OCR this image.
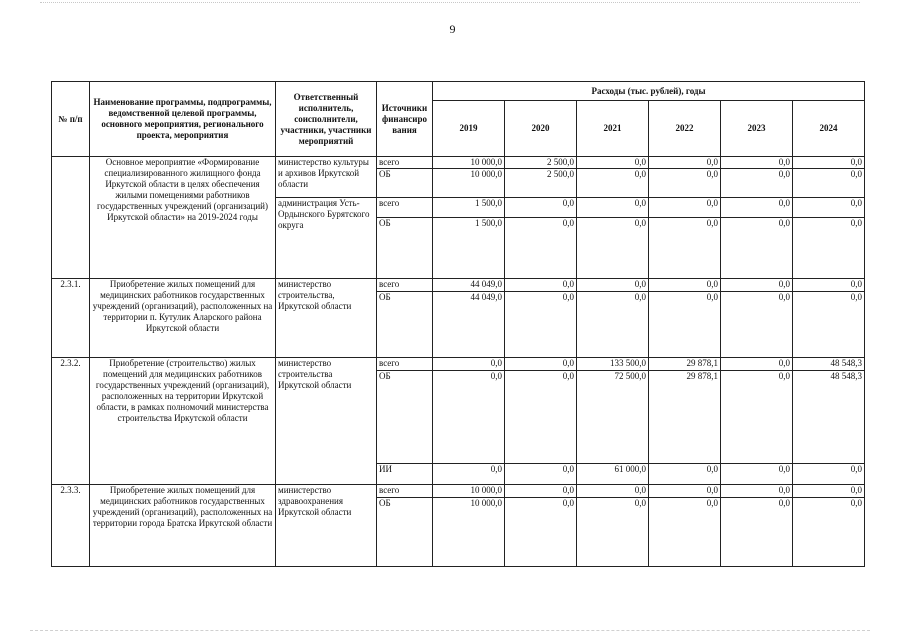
9
№ п/п	Наименование программы, подпрограммы, ведомственной целевой программы, основного мероприятия, регионального проекта, мероприятия	Ответственный исполнитель, соисполнители, участники, участники мероприятий	Источники финансиро вания	Расходы (тыс. рублей), годы					
				2019	2020	2021	2022	2023	2024
	Основное мероприятие «Формирование специализированного жилищного фонда Иркутской области в целях обеспечения жилыми помещениями работников государственных учреждений (организаций) Иркутской области» на 2019-2024 годы	министерство культуры и архивов Иркутской области	всего	10 000,0	2 500,0	0,0	0,0	0,0	0,0
			ОБ	10 000,0	2 500,0	0,0	0,0	0,0	0,0
		администрация Усть-Ордынского Бурятского округа	всего	1 500,0	0,0	0,0	0,0	0,0	0,0
			ОБ	1 500,0	0,0	0,0	0,0	0,0	0,0
2.3.1.	Приобретение жилых помещений для медицинских работников государственных учреждений (организаций), расположенных на территории п. Кутулик Аларского района Иркутской области	министерство строительства, Иркутской области	всего	44 049,0	0,0	0,0	0,0	0,0	0,0
			ОБ	44 049,0	0,0	0,0	0,0	0,0	0,0
2.3.2.	Приобретение (строительство) жилых помещений для медицинских работников государственных учреждений (организаций), расположенных на территории Иркутской области, в рамках полномочий министерства строительства Иркутской области	министерство строительства Иркутской области	всего	0,0	0,0	133 500,0	29 878,1	0,0	48 548,3
			ОБ	0,0	0,0	72 500,0	29 878,1	0,0	48 548,3
			ИИ	0,0	0,0	61 000,0	0,0	0,0	0,0
2.3.3.	Приобретение жилых помещений для медицинских работников государственных учреждений (организаций), расположенных на территории города Братска Иркутской области	министерство здравоохранения Иркутской области	всего	10 000,0	0,0	0,0	0,0	0,0	0,0
			ОБ	10 000,0	0,0	0,0	0,0	0,0	0,0
